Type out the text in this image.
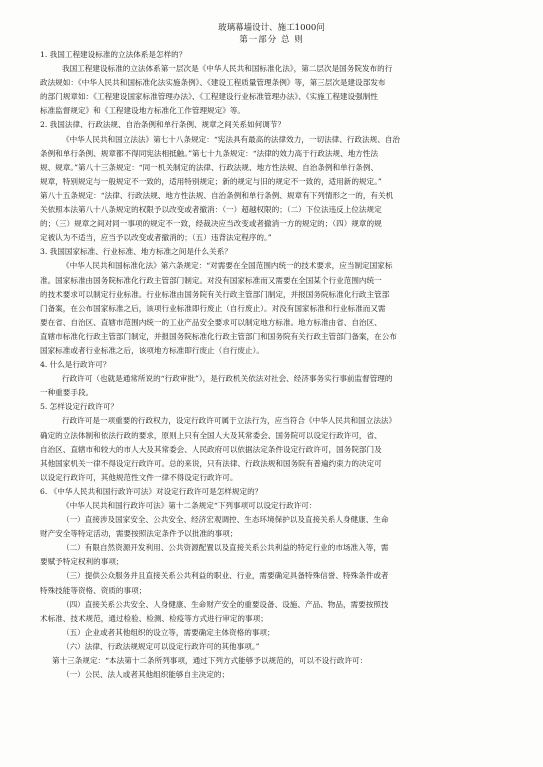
玻璃幕墙设计、施工1000问
第一部分 总 则
1. 我国工程建设标准的立法体系是怎样的？
我国工程建设标准的立法体系第一层次是《中华人民共和国标准化法》，第二层次是国务院发布的行
政法规如：《中华人民共和国标准化法实施条例》、《建设工程质量管理条例》等，第三层次是建设部发布
的部门规章如：《工程建设国家标准管理办法》、《工程建设行业标准管理办法》、《实施工程建设强制性
标准监督规定》和《工程建设地方标准化工作管理规定》等。
2. 我国法律、行政法规、自治条例和单行条例、规章之间关系如何调节？
《中华人民共和国立法法》第七十八条规定：“宪法具有最高的法律效力，一切法律、行政法规、自治
条例和单行条例、规章都不得同宪法相抵触。”第七十九条规定：“法律的效力高于行政法规、地方性法
规、规章。”第八十三条规定：“同一机关制定的法律、行政法规、地方性法规、自治条例和单行条例、
规章，特别规定与一般规定不一致的，适用特别规定；新的规定与旧的规定不一致的，适用新的规定。”
第八十五条规定：“法律、行政法规、地方性法规、自治条例和单行条例、规章有下列情形之一的，有关机
关依照本法第八十八条规定的权限予以改变或者撤消：（一）超越权限的；（二）下位法违反上位法规定
的；（三）规章之间对同一事项的规定不一致，经裁决应当改变或者撤消一方的规定的；（四）规章的规
定被认为不适当，应当予以改变或者撤消的；（五）违背法定程序的。”
3. 我国国家标准、行业标准、地方标准之间是什么关系？
《中华人民共和国标准化法》第六条规定：“对需要在全国范围内统一的技术要求，应当制定国家标
准。国家标准由国务院标准化行政主管部门制定。对没有国家标准而又需要在全国某个行业范围内统一
的技术要求可以制定行业标准。行业标准由国务院有关行政主管部门制定，并报国务院标准化行政主管部
门备案，在公布国家标准之后，该项行业标准即行废止（自行废止）。对没有国家标准和行业标准而又需
要在省、自治区、直辖市范围内统一的工业产品安全要求可以制定地方标准。地方标准由省、自治区、
直辖市标准化行政主管部门制定，并报国务院标准化行政主管部门和国务院有关行政主管部门备案，在公布
国家标准或者行业标准之后，该项地方标准即行废止（自行废止）。
4. 什么是行政许可？
行政许可（也就是通常所说的“行政审批”），是行政机关依法对社会、经济事务实行事前监督管理的
一种重要手段。
5. 怎样设定行政许可？
行政许可是一项重要的行政权力，设定行政许可属于立法行为，应当符合《中华人民共和国立法法》
确定的立法体制和依法行政的要求，原则上只有全国人大及其常委会、国务院可以设定行政许可，省、
自治区、直辖市和较大的市人大及其常委会、人民政府可以依据法定条件设定行政许可，国务院部门及
其他国家机关一律不得设定行政许可。总的来说，只有法律、行政法规和国务院有普遍约束力的决定可
以设定行政许可，其他规范性文件一律不得设定行政许可。
6. 《中华人民共和国行政许可法》对设定行政许可是怎样规定的？
《中华人民共和国行政许可法》第十二条规定“下列事项可以设定行政许可：
（一）直接涉及国家安全、公共安全、经济宏观调控、生态环境保护以及直接关系人身健康、生命
财产安全等特定活动，需要按照法定条件予以批准的事项；
（二）有限自然资源开发利用、公共资源配置以及直接关系公共利益的特定行业的市场准入等，需
要赋予特定权利的事项；
（三）提供公众服务并且直接关系公共利益的职业、行业，需要确定具备特殊信誉、特殊条件或者
特殊技能等资格、资质的事项；
（四）直接关系公共安全、人身健康、生命财产安全的重要设备、设施、产品、物品，需要按照技
术标准、技术规范，通过检验、检测、检疫等方式进行审定的事项；
（五）企业或者其他组织的设立等，需要确定主体资格的事项；
（六）法律、行政法规规定可以设定行政许可的其他事项。”
第十三条规定：“本法第十二条所列事项，通过下列方式能够予以规范的，可以不设行政许可：
（一）公民、法人或者其他组织能够自主决定的；
